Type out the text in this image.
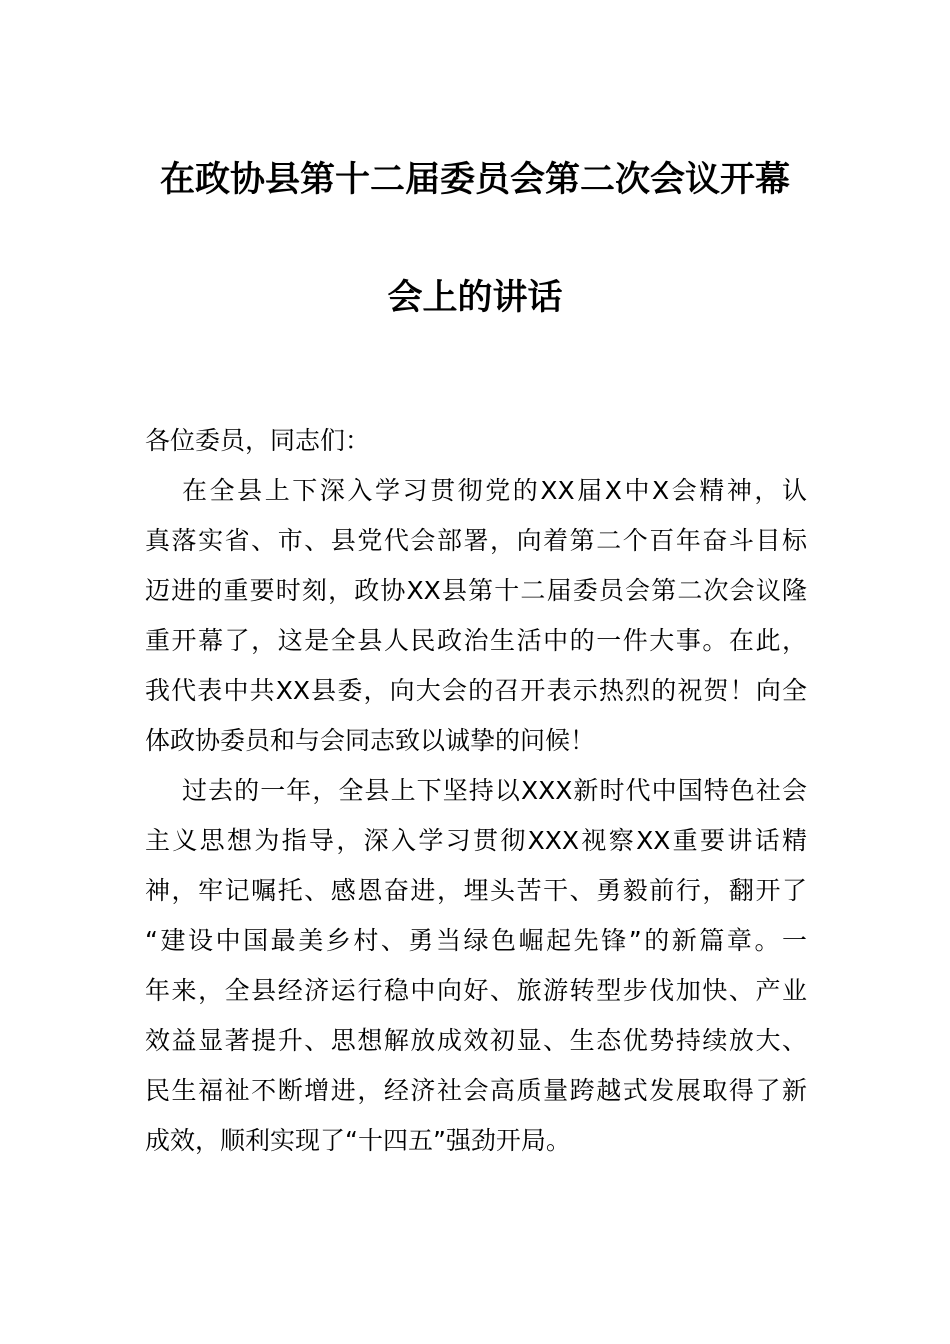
在政协县第十二届委员会第二次会议开幕
会上的讲话
各位委员，同志们：
在全县上下深入学习贯彻党的XX届X中X会精神，认
真落实省、市、县党代会部署，向着第二个百年奋斗目标
迈进的重要时刻，政协XX县第十二届委员会第二次会议隆
重开幕了，这是全县人民政治生活中的一件大事。在此，
我代表中共XX县委，向大会的召开表示热烈的祝贺！向全
体政协委员和与会同志致以诚挚的问候！
过去的一年，全县上下坚持以XXX新时代中国特色社会
主义思想为指导，深入学习贯彻XXX视察XX重要讲话精
神，牢记嘱托、感恩奋进，埋头苦干、勇毅前行，翻开了
“建设中国最美乡村、勇当绿色崛起先锋”的新篇章。一
年来，全县经济运行稳中向好、旅游转型步伐加快、产业
效益显著提升、思想解放成效初显、生态优势持续放大、
民生福祉不断增进，经济社会高质量跨越式发展取得了新
成效，顺利实现了“十四五”强劲开局。
